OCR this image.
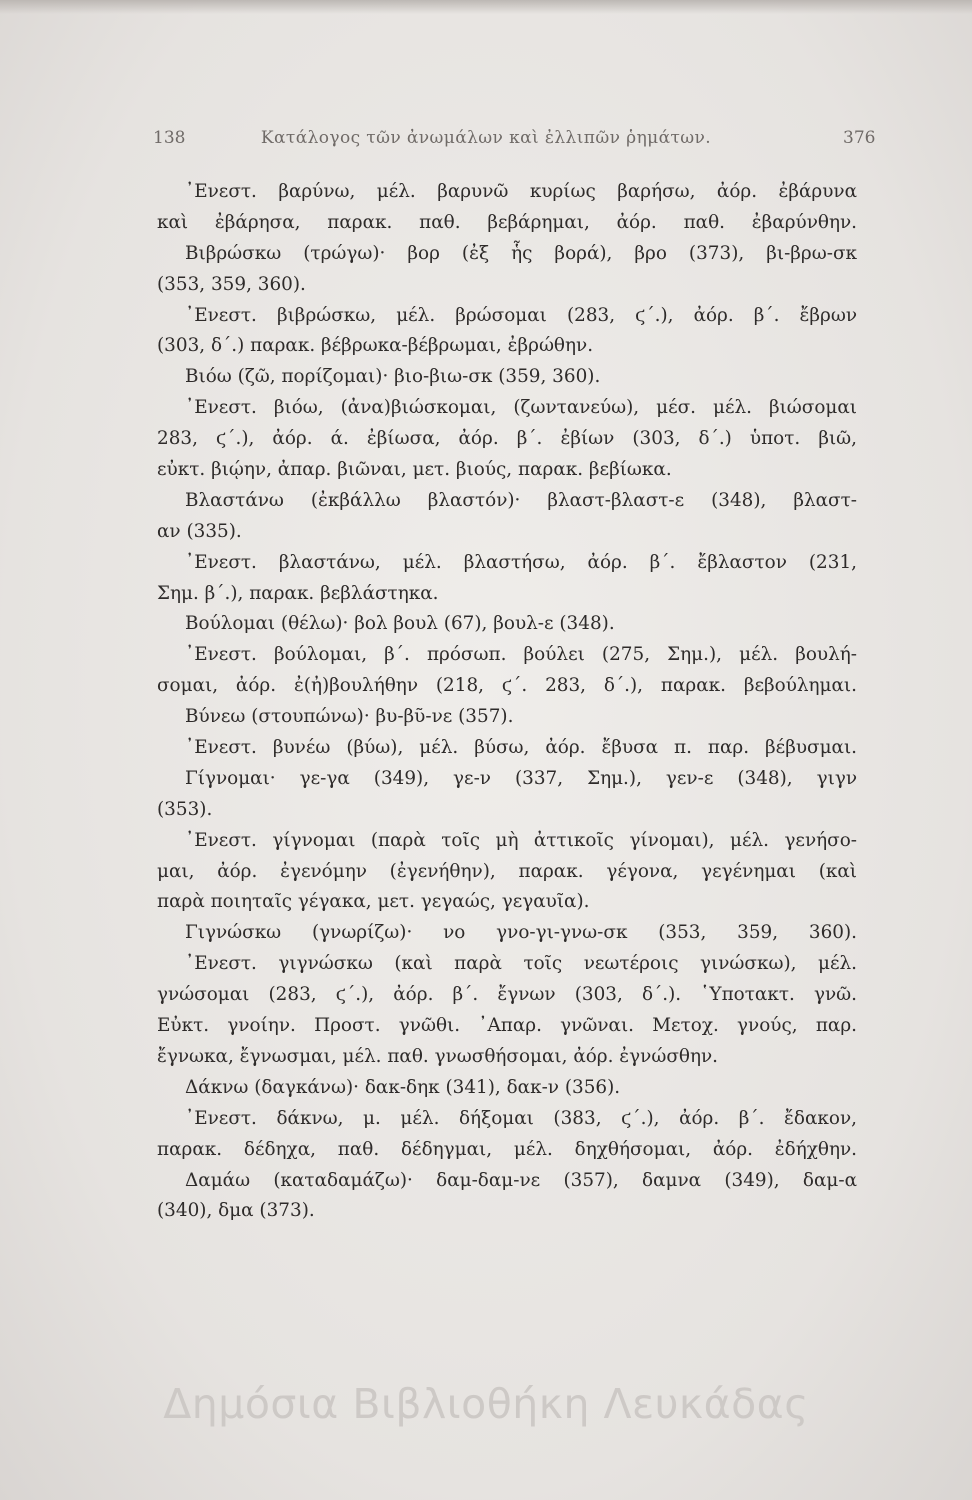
138	Κατάλογος τῶν ἀνωμάλων καὶ ἐλλιπῶν ῥημάτων.	376
᾿Ενεστ. βαρύνω, μέλ. βαρυνῶ κυρίως βαρήσω, ἀόρ. ἐβάρυνα
καὶ ἐβάρησα, παρακ. παθ. βεβάρημαι, ἀόρ. παθ. ἐβαρύνθην.
Βιβρώσκω (τρώγω)· βορ (ἐξ ἧς βορά), βρο (373), βι-βρω-σκ
(353, 359, 360).
᾿Ενεστ. βιβρώσκω, μέλ. βρώσομαι (283, ϛ΄.), ἀόρ. β΄. ἔβρων
(303, δ΄.) παρακ. βέβρωκα-βέβρωμαι, ἐβρώθην.
Βιόω (ζῶ, πορίζομαι)· βιο-βιω-σκ (359, 360).
᾿Ενεστ. βιόω, (ἀνα)βιώσκομαι, (ζωντανεύω), μέσ. μέλ. βιώσομαι
283, ϛ΄.), ἀόρ. ά. ἐβίωσα, ἀόρ. β΄. ἐβίων (303, δ΄.) ὑποτ. βιῶ,
εὐκτ. βιῴην, ἀπαρ. βιῶναι, μετ. βιούς, παρακ. βεβίωκα.
Βλαστάνω (ἐκβάλλω βλαστόν)· βλαστ-βλαστ-ε (348), βλαστ-
αν (335).
᾿Ενεστ. βλαστάνω, μέλ. βλαστήσω, ἀόρ. β΄. ἔβλαστον (231,
Σημ. β΄.), παρακ. βεβλάστηκα.
Βούλομαι (θέλω)· βολ βουλ (67), βουλ-ε (348).
᾿Ενεστ. βούλομαι, β΄. πρόσωπ. βούλει (275, Σημ.), μέλ. βουλή-
σομαι, ἀόρ. ἐ(ἠ)βουλήθην (218, ϛ΄. 283, δ΄.), παρακ. βεβούλημαι.
Βύνεω (στουπώνω)· βυ-βῦ-νε (357).
᾿Ενεστ. βυνέω (βύω), μέλ. βύσω, ἀόρ. ἔβυσα π. παρ. βέβυσμαι.
Γίγνομαι· γε-γα (349), γε-ν (337, Σημ.), γεν-ε (348), γιγν
(353).
᾿Ενεστ. γίγνομαι (παρὰ τοῖς μὴ ἀττικοῖς γίνομαι), μέλ. γενήσο-
μαι, ἀόρ. ἐγενόμην (ἐγενήθην), παρακ. γέγονα, γεγένημαι (καὶ
παρὰ ποιηταῖς γέγακα, μετ. γεγαώς, γεγαυῖα).
Γιγνώσκω (γνωρίζω)· νο γνο-γι-γνω-σκ (353, 359, 360).
᾿Ενεστ. γιγνώσκω (καὶ παρὰ τοῖς νεωτέροις γινώσκω), μέλ.
γνώσομαι (283, ϛ΄.), ἀόρ. β΄. ἔγνων (303, δ΄.). ῾Υποτακτ. γνῶ.
Εὐκτ. γνοίην. Προστ. γνῶθι. ᾿Απαρ. γνῶναι. Μετοχ. γνούς, παρ.
ἔγνωκα, ἔγνωσμαι, μέλ. παθ. γνωσθήσομαι, ἀόρ. ἐγνώσθην.
Δάκνω (δαγκάνω)· δακ-δηκ (341), δακ-ν (356).
᾿Ενεστ. δάκνω, μ. μέλ. δήξομαι (383, ϛ΄.), ἀόρ. β΄. ἔδακον,
παρακ. δέδηχα, παθ. δέδηγμαι, μέλ. δηχθήσομαι, ἀόρ. ἐδήχθην.
Δαμάω (καταδαμάζω)· δαμ-δαμ-νε (357), δαμνα (349), δαμ-α
(340), δμα (373).
Δημόσια Βιβλιοθήκη Λευκάδας
